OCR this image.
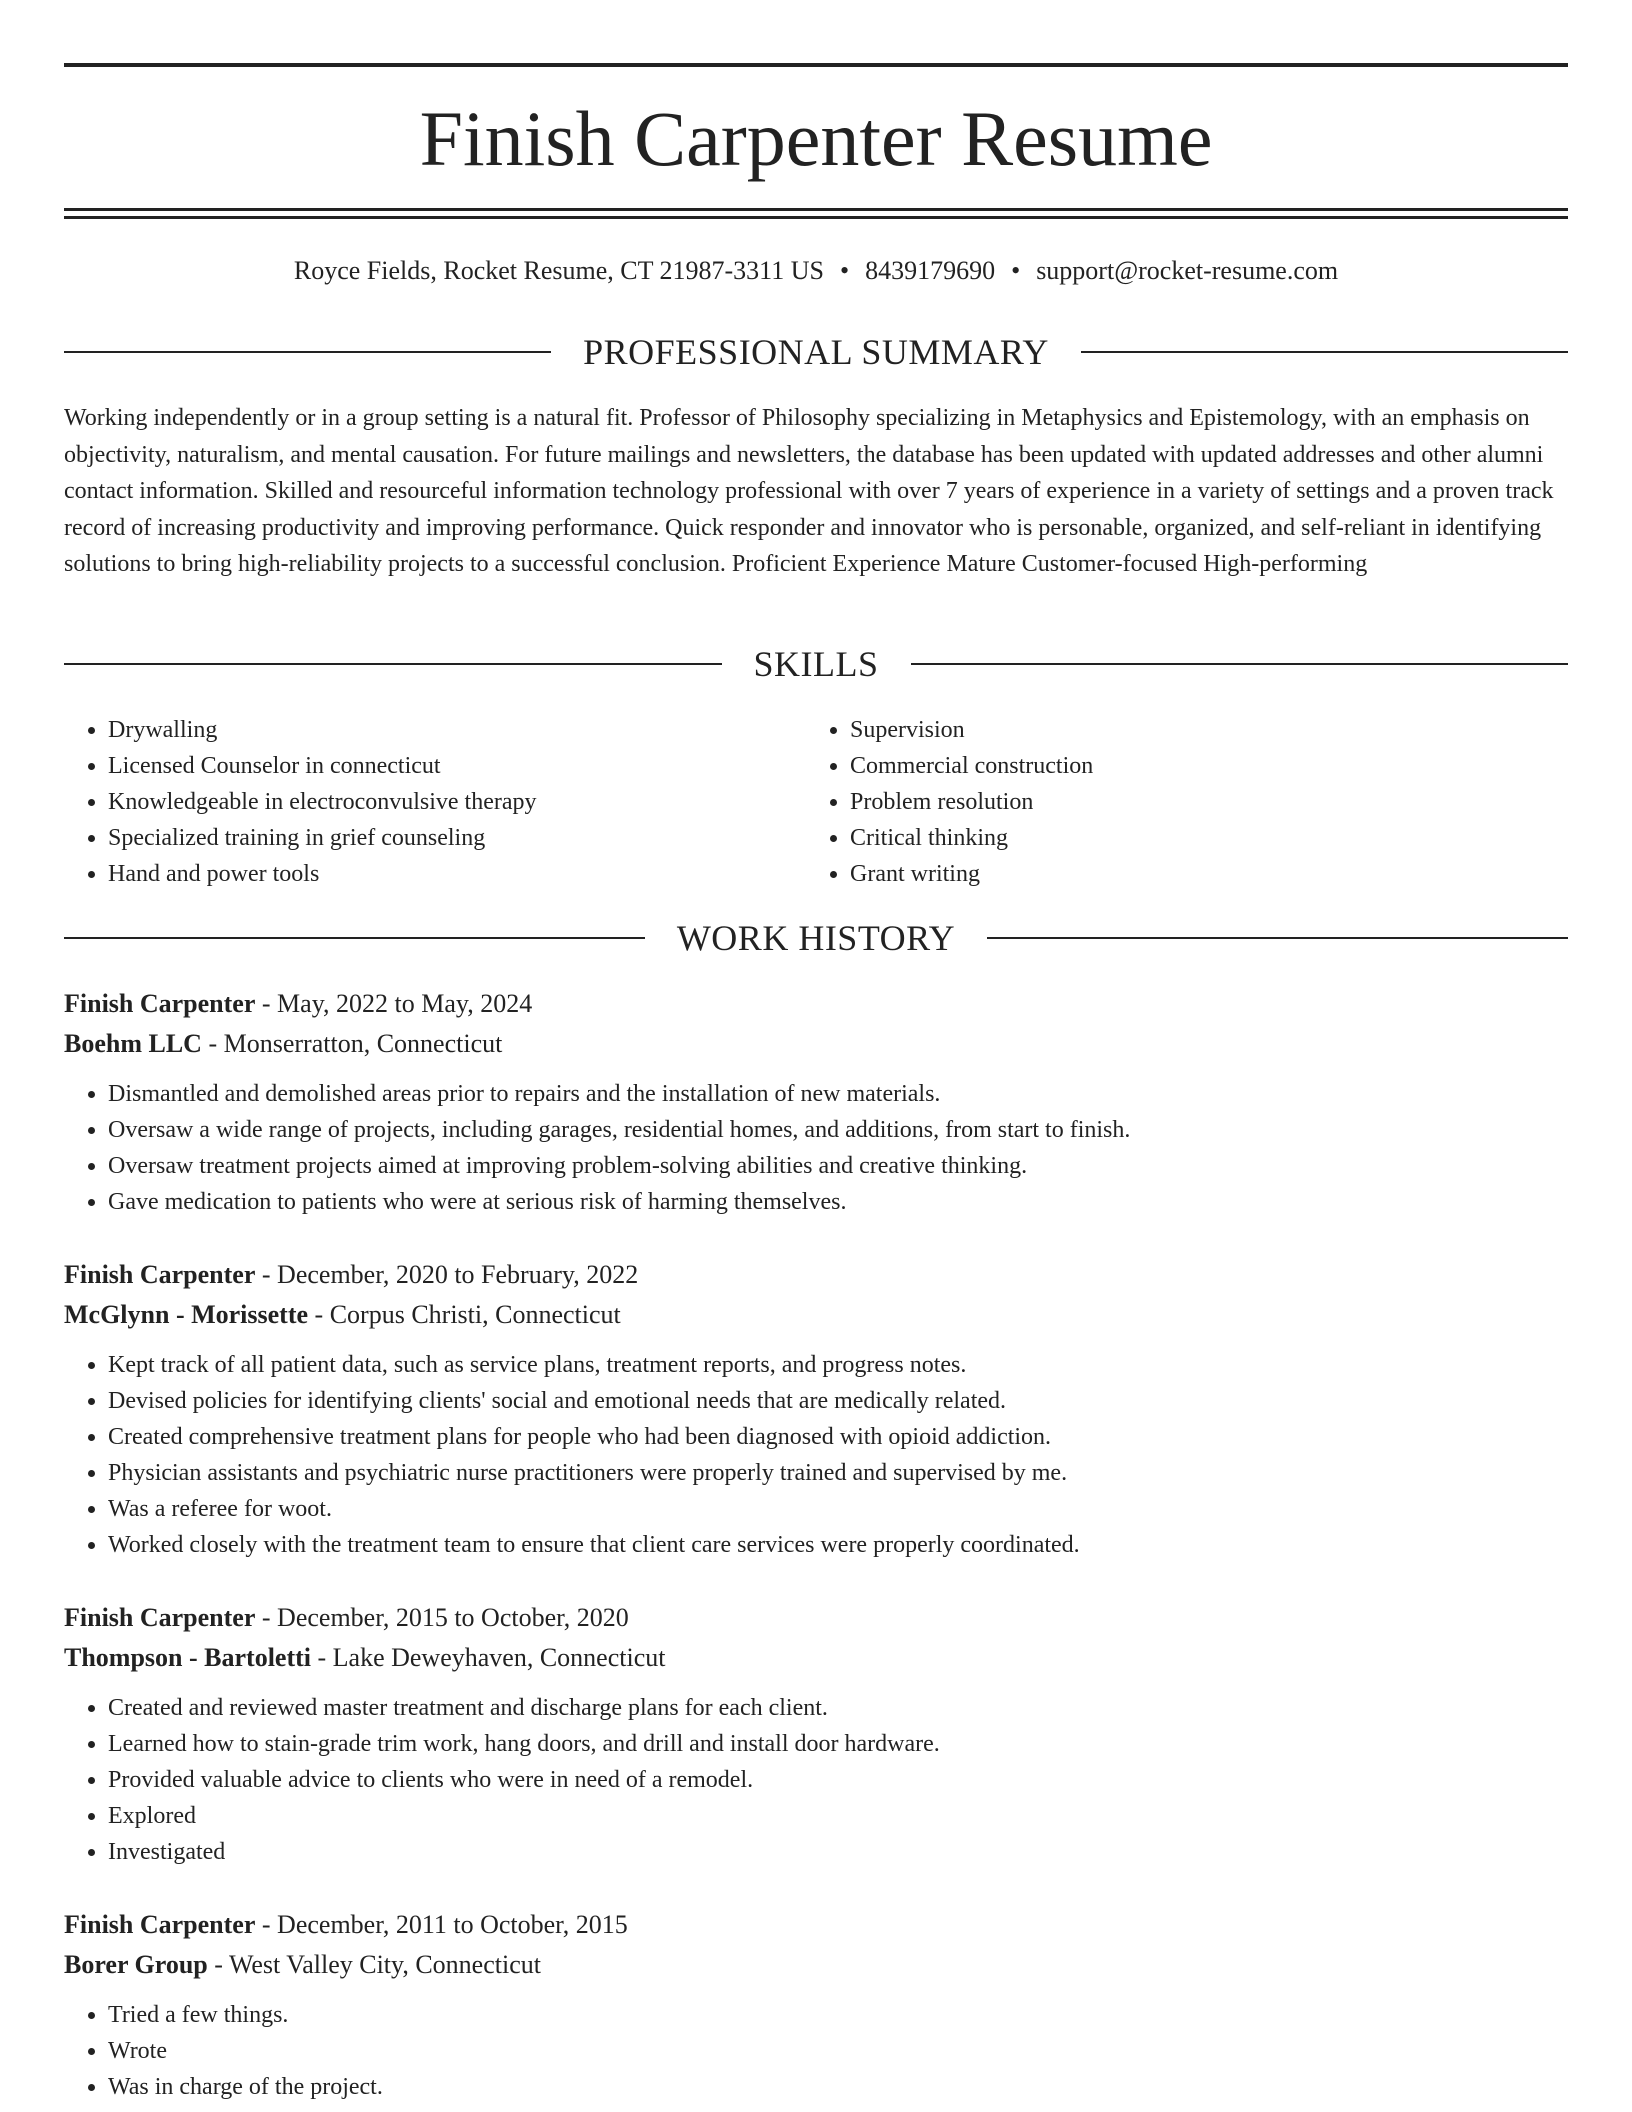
Finish Carpenter Resume
Royce Fields, Rocket Resume, CT 21987-3311 US • 8439179690 • support@rocket-resume.com
PROFESSIONAL SUMMARY
Working independently or in a group setting is a natural fit. Professor of Philosophy specializing in Metaphysics and Epistemology, with an emphasis on objectivity, naturalism, and mental causation. For future mailings and newsletters, the database has been updated with updated addresses and other alumni contact information. Skilled and resourceful information technology professional with over 7 years of experience in a variety of settings and a proven track record of increasing productivity and improving performance. Quick responder and innovator who is personable, organized, and self-reliant in identifying solutions to bring high-reliability projects to a successful conclusion. Proficient Experience Mature Customer-focused High-performing
SKILLS
• Drywalling
• Licensed Counselor in connecticut
• Knowledgeable in electroconvulsive therapy
• Specialized training in grief counseling
• Hand and power tools
• Supervision
• Commercial construction
• Problem resolution
• Critical thinking
• Grant writing
WORK HISTORY
Finish Carpenter - May, 2022 to May, 2024
Boehm LLC - Monserratton, Connecticut
• Dismantled and demolished areas prior to repairs and the installation of new materials.
• Oversaw a wide range of projects, including garages, residential homes, and additions, from start to finish.
• Oversaw treatment projects aimed at improving problem-solving abilities and creative thinking.
• Gave medication to patients who were at serious risk of harming themselves.
Finish Carpenter - December, 2020 to February, 2022
McGlynn - Morissette - Corpus Christi, Connecticut
• Kept track of all patient data, such as service plans, treatment reports, and progress notes.
• Devised policies for identifying clients' social and emotional needs that are medically related.
• Created comprehensive treatment plans for people who had been diagnosed with opioid addiction.
• Physician assistants and psychiatric nurse practitioners were properly trained and supervised by me.
• Was a referee for woot.
• Worked closely with the treatment team to ensure that client care services were properly coordinated.
Finish Carpenter - December, 2015 to October, 2020
Thompson - Bartoletti - Lake Deweyhaven, Connecticut
• Created and reviewed master treatment and discharge plans for each client.
• Learned how to stain-grade trim work, hang doors, and drill and install door hardware.
• Provided valuable advice to clients who were in need of a remodel.
• Explored
• Investigated
Finish Carpenter - December, 2011 to October, 2015
Borer Group - West Valley City, Connecticut
• Tried a few things.
• Wrote
• Was in charge of the project.
